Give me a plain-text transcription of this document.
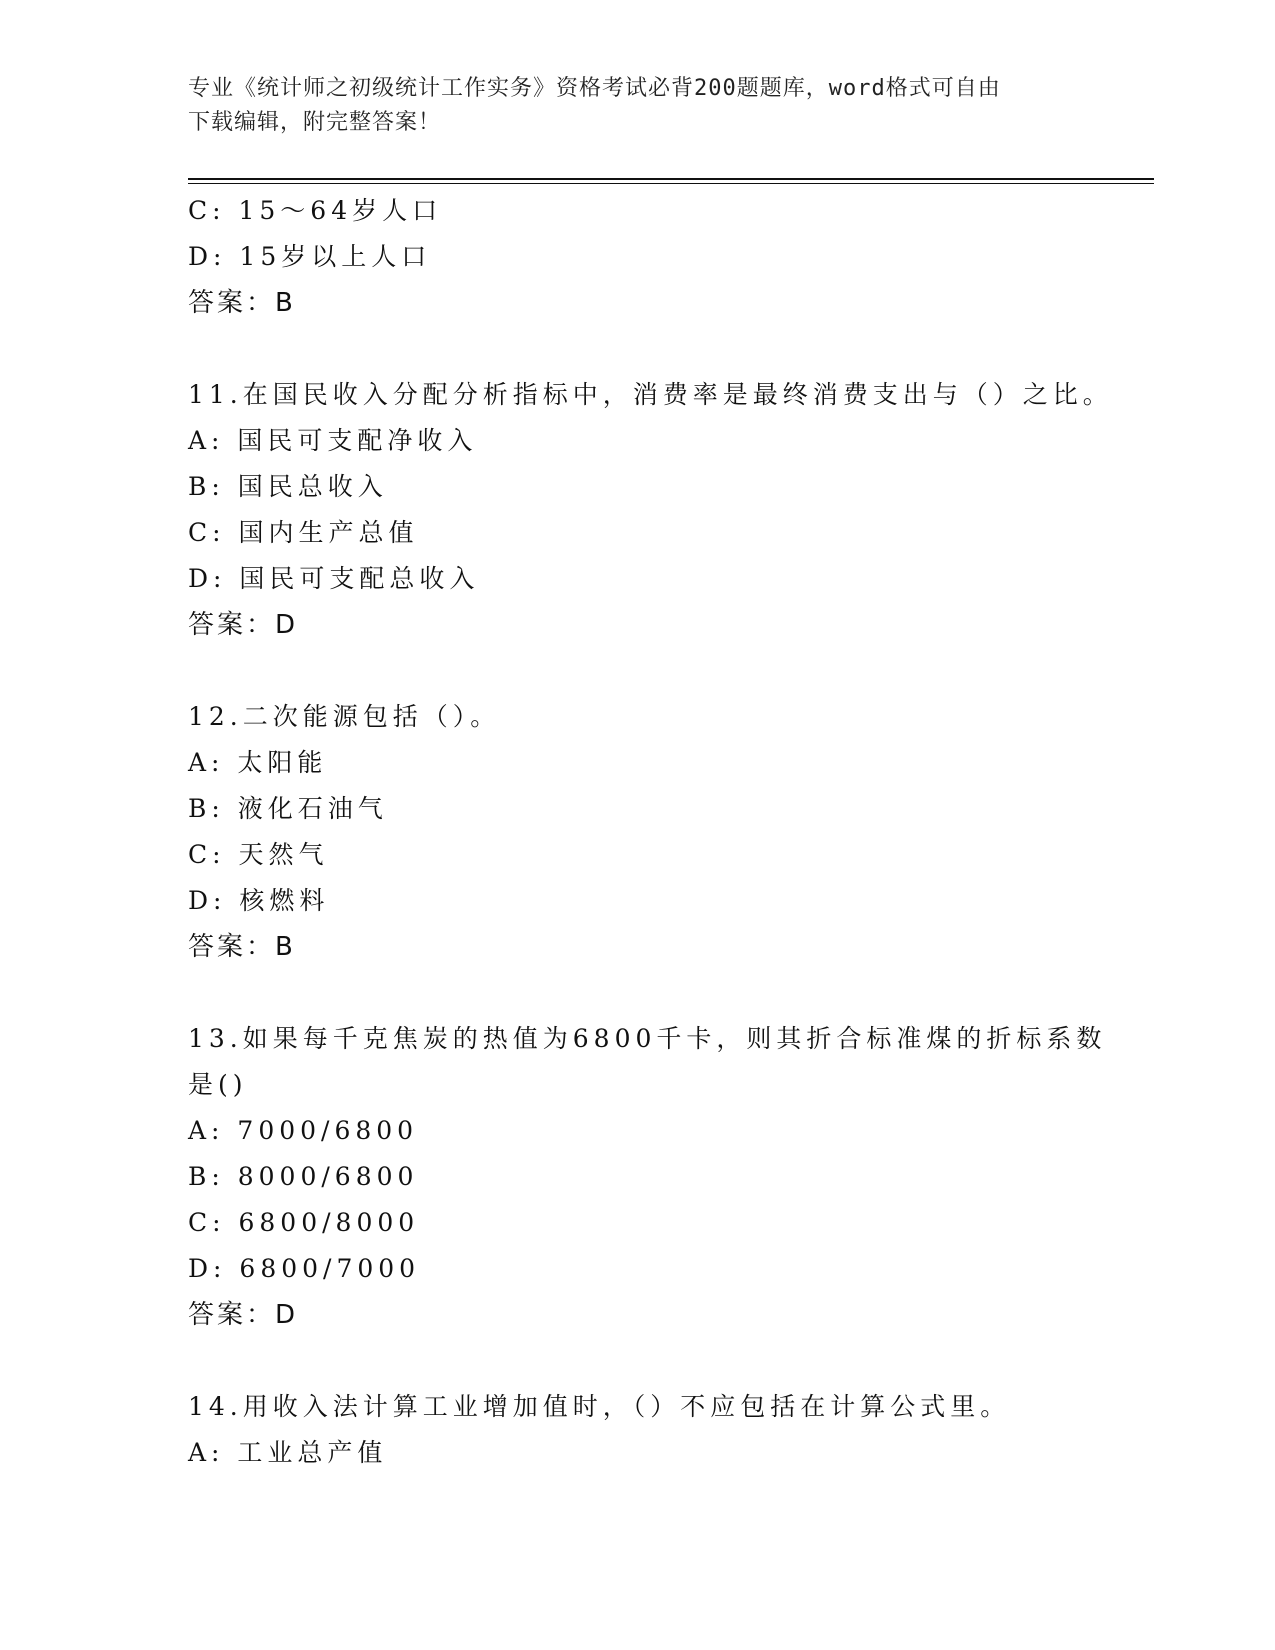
专业《统计师之初级统计工作实务》资格考试必背200题题库，word格式可自由
下载编辑，附完整答案！
C: 15～64岁人口
D: 15岁以上人口
答案：B
11.在国民收入分配分析指标中，消费率是最终消费支出与（）之比。
A: 国民可支配净收入
B: 国民总收入
C: 国内生产总值
D: 国民可支配总收入
答案：D
12.二次能源包括（）。
A: 太阳能
B: 液化石油气
C: 天然气
D: 核燃料
答案：B
13.如果每千克焦炭的热值为6800千卡，则其折合标准煤的折标系数
是()
A: 7000/6800
B: 8000/6800
C: 6800/8000
D: 6800/7000
答案：D
14.用收入法计算工业增加值时，（）不应包括在计算公式里。
A: 工业总产值
